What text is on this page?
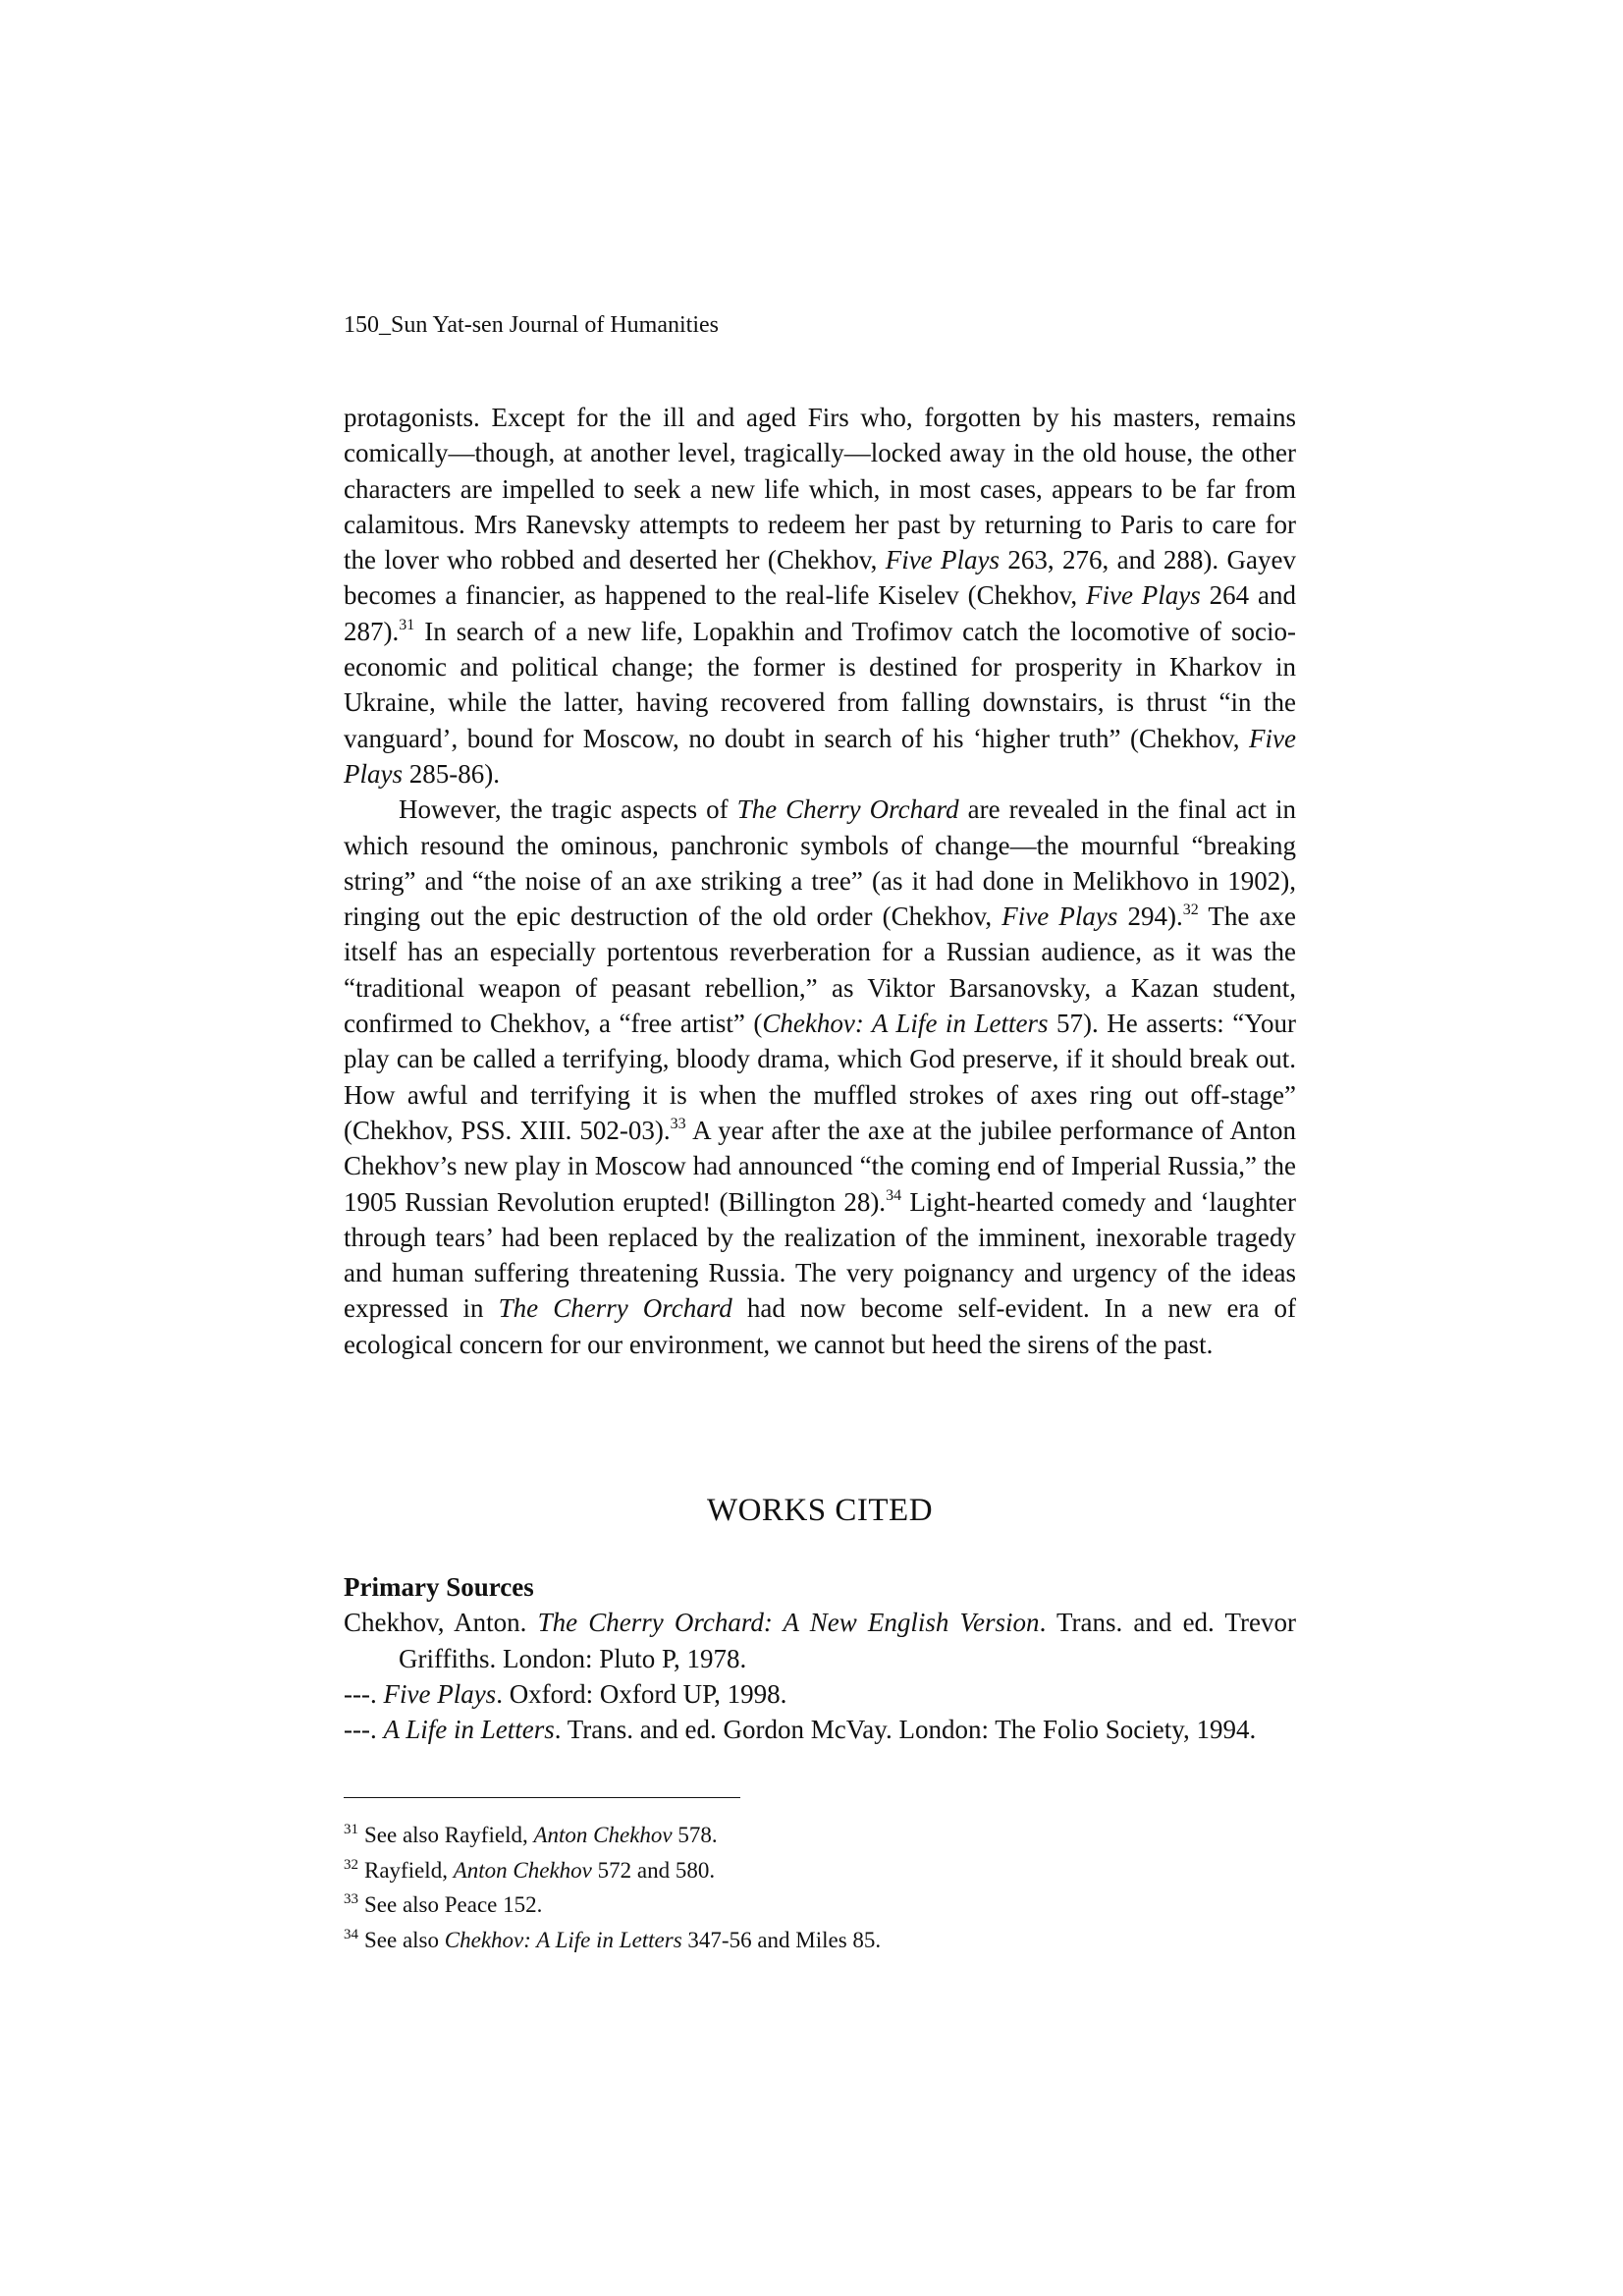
150_Sun Yat-sen Journal of Humanities

protagonists. Except for the ill and aged Firs who, forgotten by his masters, remains comically—though, at another level, tragically—locked away in the old house, the other characters are impelled to seek a new life which, in most cases, appears to be far from calamitous. Mrs Ranevsky attempts to redeem her past by returning to Paris to care for the lover who robbed and deserted her (Chekhov, Five Plays 263, 276, and 288). Gayev becomes a financier, as happened to the real-life Kiselev (Chekhov, Five Plays 264 and 287).$^{31}$ In search of a new life, Lopakhin and Trofimov catch the locomotive of socio-economic and political change; the former is destined for prosperity in Kharkov in Ukraine, while the latter, having recovered from falling downstairs, is thrust “in the vanguard’, bound for Moscow, no doubt in search of his ‘higher truth” (Chekhov, Five Plays 285-86).

However, the tragic aspects of The Cherry Orchard are revealed in the final act in which resound the ominous, panchronic symbols of change—the mournful “breaking string” and “the noise of an axe striking a tree” (as it had done in Melikhovo in 1902), ringing out the epic destruction of the old order (Chekhov, Five Plays 294).$^{32}$ The axe itself has an especially portentous reverberation for a Russian audience, as it was the “traditional weapon of peasant rebellion,” as Viktor Barsanovsky, a Kazan student, confirmed to Chekhov, a “free artist” (Chekhov: A Life in Letters 57). He asserts: “Your play can be called a terrifying, bloody drama, which God preserve, if it should break out. How awful and terrifying it is when the muffled strokes of axes ring out off-stage” (Chekhov, PSS. XIII. 502-03).$^{33}$ A year after the axe at the jubilee performance of Anton Chekhov’s new play in Moscow had announced “the coming end of Imperial Russia,” the 1905 Russian Revolution erupted! (Billington 28).$^{34}$ Light-hearted comedy and ‘laughter through tears’ had been replaced by the realization of the imminent, inexorable tragedy and human suffering threatening Russia. The very poignancy and urgency of the ideas expressed in The Cherry Orchard had now become self-evident. In a new era of ecological concern for our environment, we cannot but heed the sirens of the past.

WORKS CITED
Primary Sources
Chekhov, Anton. The Cherry Orchard: A New English Version. Trans. and ed. Trevor Griffiths. London: Pluto P, 1978.
---. Five Plays. Oxford: Oxford UP, 1998.
---. A Life in Letters. Trans. and ed. Gordon McVay. London: The Folio Society, 1994.
$^{31}$ See also Rayfield, Anton Chekhov 578.
$^{32}$ Rayfield, Anton Chekhov 572 and 580.
$^{33}$ See also Peace 152.
$^{34}$ See also Chekhov: A Life in Letters 347-56 and Miles 85.
